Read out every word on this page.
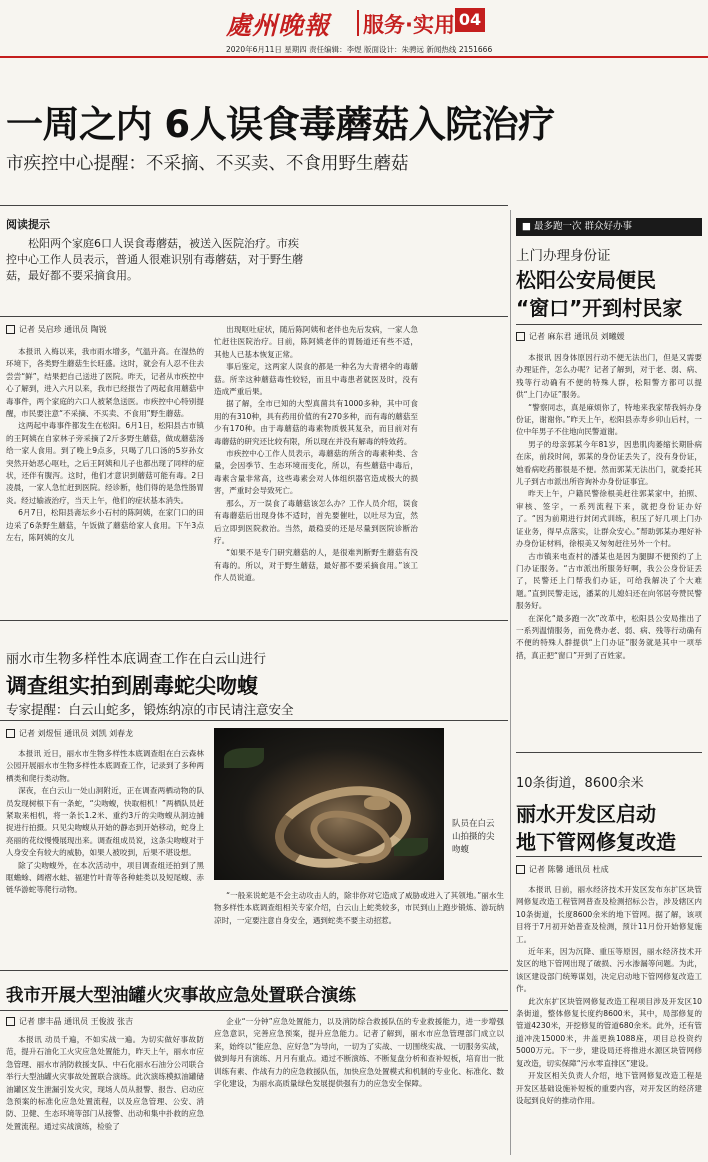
處州晚報 服务·实用 04
2020年6月11日 星期四 责任编辑：李煜 版面设计：朱骋远 新闻热线 2151666
一周之内 6人误食毒蘑菇入院治疗
市疾控中心提醒：不采摘、不买卖、不食用野生蘑菇
阅读提示
松阳两个家庭6口人误食毒蘑菇，被送入医院治疗。市疾控中心工作人员表示，普通人很难识别有毒蘑菇，对于野生蘑菇，最好都不要采摘食用。
记者 吴启珍 通讯员 陶锐

本报讯 入梅以来，我市雨水增多，气温升高。在湿热的环境下，各类野生蘑菇生长旺盛。这时，就会有人忍不住去尝尝“鲜”，结果把自己送进了医院。昨天，记者从市疾控中心了解到，进入六月以来，我市已经报告了两起食用蘑菇中毒事件，两个家庭的六口人被紧急送医。市疾控中心特别提醒，市民要注意“不采摘、不买卖、不食用”野生蘑菇。

这两起中毒事件都发生在松阳。6月1日，松阳县古市镇的王阿姨在自家林子旁采摘了2斤多野生蘑菇，做成蘑菇汤给一家人食用。到了晚上9点多，只喝了几口汤的5岁孙女突然开始恶心呕吐，之后王阿姨和儿子也都出现了同样的症状，还伴有腹泻。这时，他们才意识到蘑菇可能有毒。2日凌晨，一家人急忙赶到医院。经诊断，他们得的是急性肠胃炎。经过输液治疗，当天上午，他们的症状基本消失。

6月7日，松阳县斋坛乡小石村的陈阿姨，在家门口的田边采了6条野生蘑菇，午饭做了蘑菇给家人食用。下午3点左右，陈阿姨的女儿

出现呕吐症状，随后陈阿姨和老伴也先后发病，一家人急忙赶往医院治疗。目前，陈阿姨老伴的胃肠道还有些不适，其他人已基本恢复正常。

事后鉴定，这两家人误食的都是一种名为大青褶伞的毒蘑菇。所幸这种蘑菇毒性较轻，而且中毒患者就医及时，没有造成严重后果。

据了解，全市已知的大型真菌共有1000多种，其中可食用的有310种，具有药用价值的有270多种，而有毒的蘑菇至少有170种。由于毒蘑菇的毒素物质极其复杂，而目前对有毒蘑菇的研究还比较有限，所以现在并没有解毒的特效药。

市疾控中心工作人员表示，毒蘑菇的所含的毒素种类、含量，会因季节、生态环境而变化，所以，有些蘑菇中毒后，毒素含量非常高，这些毒素会对人体组织器官造成极大的损害，严重时会导致死亡。

那么，万一误食了毒蘑菇该怎么办？工作人员介绍，误食有毒蘑菇后出现身体不适时，首先要催吐，以吐尽为宜，然后立即到医院救治。当然，最稳妥的还是尽量到医院诊断治疗。

“如果不是专门研究蘑菇的人，是很难判断野生蘑菇有没有毒的。所以，对于野生蘑菇，最好都不要采摘食用。”该工作人员说道。

■ 最多跑一次 群众好办事
上门办理身份证
松阳公安局便民
“窗口”开到村民家
记者 麻东君 通讯员 刘曦媛

本报讯 因身体原因行动不便无法出门，但是又需要办理证件，怎么办呢？记者了解到，对于老、弱、病、残等行动确有不便的特殊人群，松阳警方都可以提供“上门办证”服务。

“警察同志，真是麻烦你了，特地来我家帮我妈办身份证，谢谢你。”昨天上午，松阳县赤寿乡卯山后村，一位中年男子不住地向民警道谢。

男子的母亲郭某今年81岁，因患肌肉萎缩长期卧病在床，前段时间，郭某的身份证丢失了，没有身份证，她看病吃药都很是不便。然而郭某无法出门，就委托其儿子到古市派出所咨询补办身份证事宜。

昨天上午，户籍民警徐根美赶往郭某家中，拍照、审核、签字，一系列流程下来，就把身份证办好了。“因为前期进行封闭式训练，积压了好几项上门办证业务，得早点落实，让群众安心。”帮助郭某办理好补办身份证材料，徐根美又匆匆赶往另外一个村。

古市镇来电查村的潘某也是因为腿脚不便预约了上门办证服务。“古市派出所服务好啊，我公公身份证丢了，民警还上门帮我们办证，可给我解决了个大难题。”直到民警走远，潘某的儿媳妇还在向邻居夸赞民警服务好。

在深化“最多跑一次”改革中，松阳县公安局推出了一系列温情服务，而免费办老、弱、病、残等行动确有不便的特殊人群提供“上门办证”服务就是其中一项举措，真正把“窗口”开到了百姓家。

丽水市生物多样性本底调查工作在白云山进行
调查组实拍到剧毒蛇尖吻蝮
专家提醒：白云山蛇多，锻炼纳凉的市民请注意安全
记者 刘煜恒 通讯员 刘凯 刘春龙

本报讯 近日，丽水市生物多样性本底调查组在白云森林公园开展丽水市生物多样性本底调查工作，记录到了多种两栖类和爬行类动物。

深夜，在白云山一处山洞附近，正在调查两栖动物的队员发现树根下有一条蛇，“尖吻蝮，快取相机！”两栖队员赶紧取来相机，将一条长1.2米、重约3斤的尖吻蝮从洞边捕捉进行拍摄。只见尖吻蝮从开始的静态到开始移动，蛇身上亮丽的花纹慢慢展现出来。调查组成员说，这条尖吻蝮对于人身安全有较大的威胁，如果人被咬到，后果不堪设想。

除了尖吻蝮外，在本次活动中，项目调查组还拍到了黑眶蟾蜍、阔褶水蛙、福建竹叶青等各种蛙类以及短尾蝮、赤链华游蛇等爬行动物。

队员在白云山拍摄的尖吻蝮
“一般来说蛇是不会主动攻击人的，除非你对它造成了威胁或进入了其领地。”丽水生物多样性本底调查组相关专家介绍，白云山上蛇类较多，市民到山上跑步锻炼、游玩纳凉时，一定要注意自身安全，遇到蛇类不要主动招惹。
10条街道，8600余米
丽水开发区启动
地下管网修复改造
记者 陈馨 通讯员 杜成

本报讯 日前，丽水经济技术开发区发布东扩区块管网修复改造工程管网普查及检测招标公告，涉及辖区内10条街道，长度8600余米的地下管网。据了解，该项目将于7月初开始普查及检测，预计11月份开始修复施工。

近年来，因为沉降、重压等原因，丽水经济技术开发区的地下管网出现了破损、污水渗漏等问题。为此，该区建设部门统筹谋划，决定启动地下管网修复改造工作。

此次东扩区块管网修复改造工程项目涉及开发区10条街道，整体修复长度约8600米，其中，局部修复的管道4230米，开挖修复的管道680余米。此外，还有管道冲洗15000米，井盖更换1088座，项目总投资约5000万元。下一步，建设局还将推进水源区块管网修复改造，切实保障“污水零直排区”建设。

开发区相关负责人介绍，地下管网修复改造工程是开发区基础设施补短板的重要内容，对开发区的经济建设起到良好的推动作用。

我市开展大型油罐火灾事故应急处置联合演练
记者 廖丰晶 通讯员 王俊波 张吉
本报讯 动员千遍，不如实战一遍。为切实做好事故防范，提升石油化工火灾应急处置能力，昨天上午，丽水市应急管理、丽水市消防救援支队、中石化丽水石油分公司联合举行大型油罐火灾事故处置联合演练。此次演练模拟油罐储油罐区发生泄漏引发火灾，现场人员从报警、报告、启动应急预案的标准化应急处置流程，以及应急管理、公安、消防、卫健、生态环境等部门从接警、出动和集中扑救的应急处置流程。通过实战演练，检验了
企业“一分钟”应急处置能力，以及消防综合救援队伍的专业救援能力，进一步增强应急意识，完善应急预案，提升应急能力。记者了解到，丽水市应急管理部门成立以来，始终以“能应急、应好急”为导向，一切为了实战、一切围绕实战、一切服务实战，做到每月有演练、月月有重点。通过不断演练、不断复盘分析和查补短板，培育出一批训练有素、作战有力的应急救援队伍，加快应急处置模式和机制的专业化、标准化、数字化建设，为丽水高质量绿色发展提供强有力的应急安全保障。
